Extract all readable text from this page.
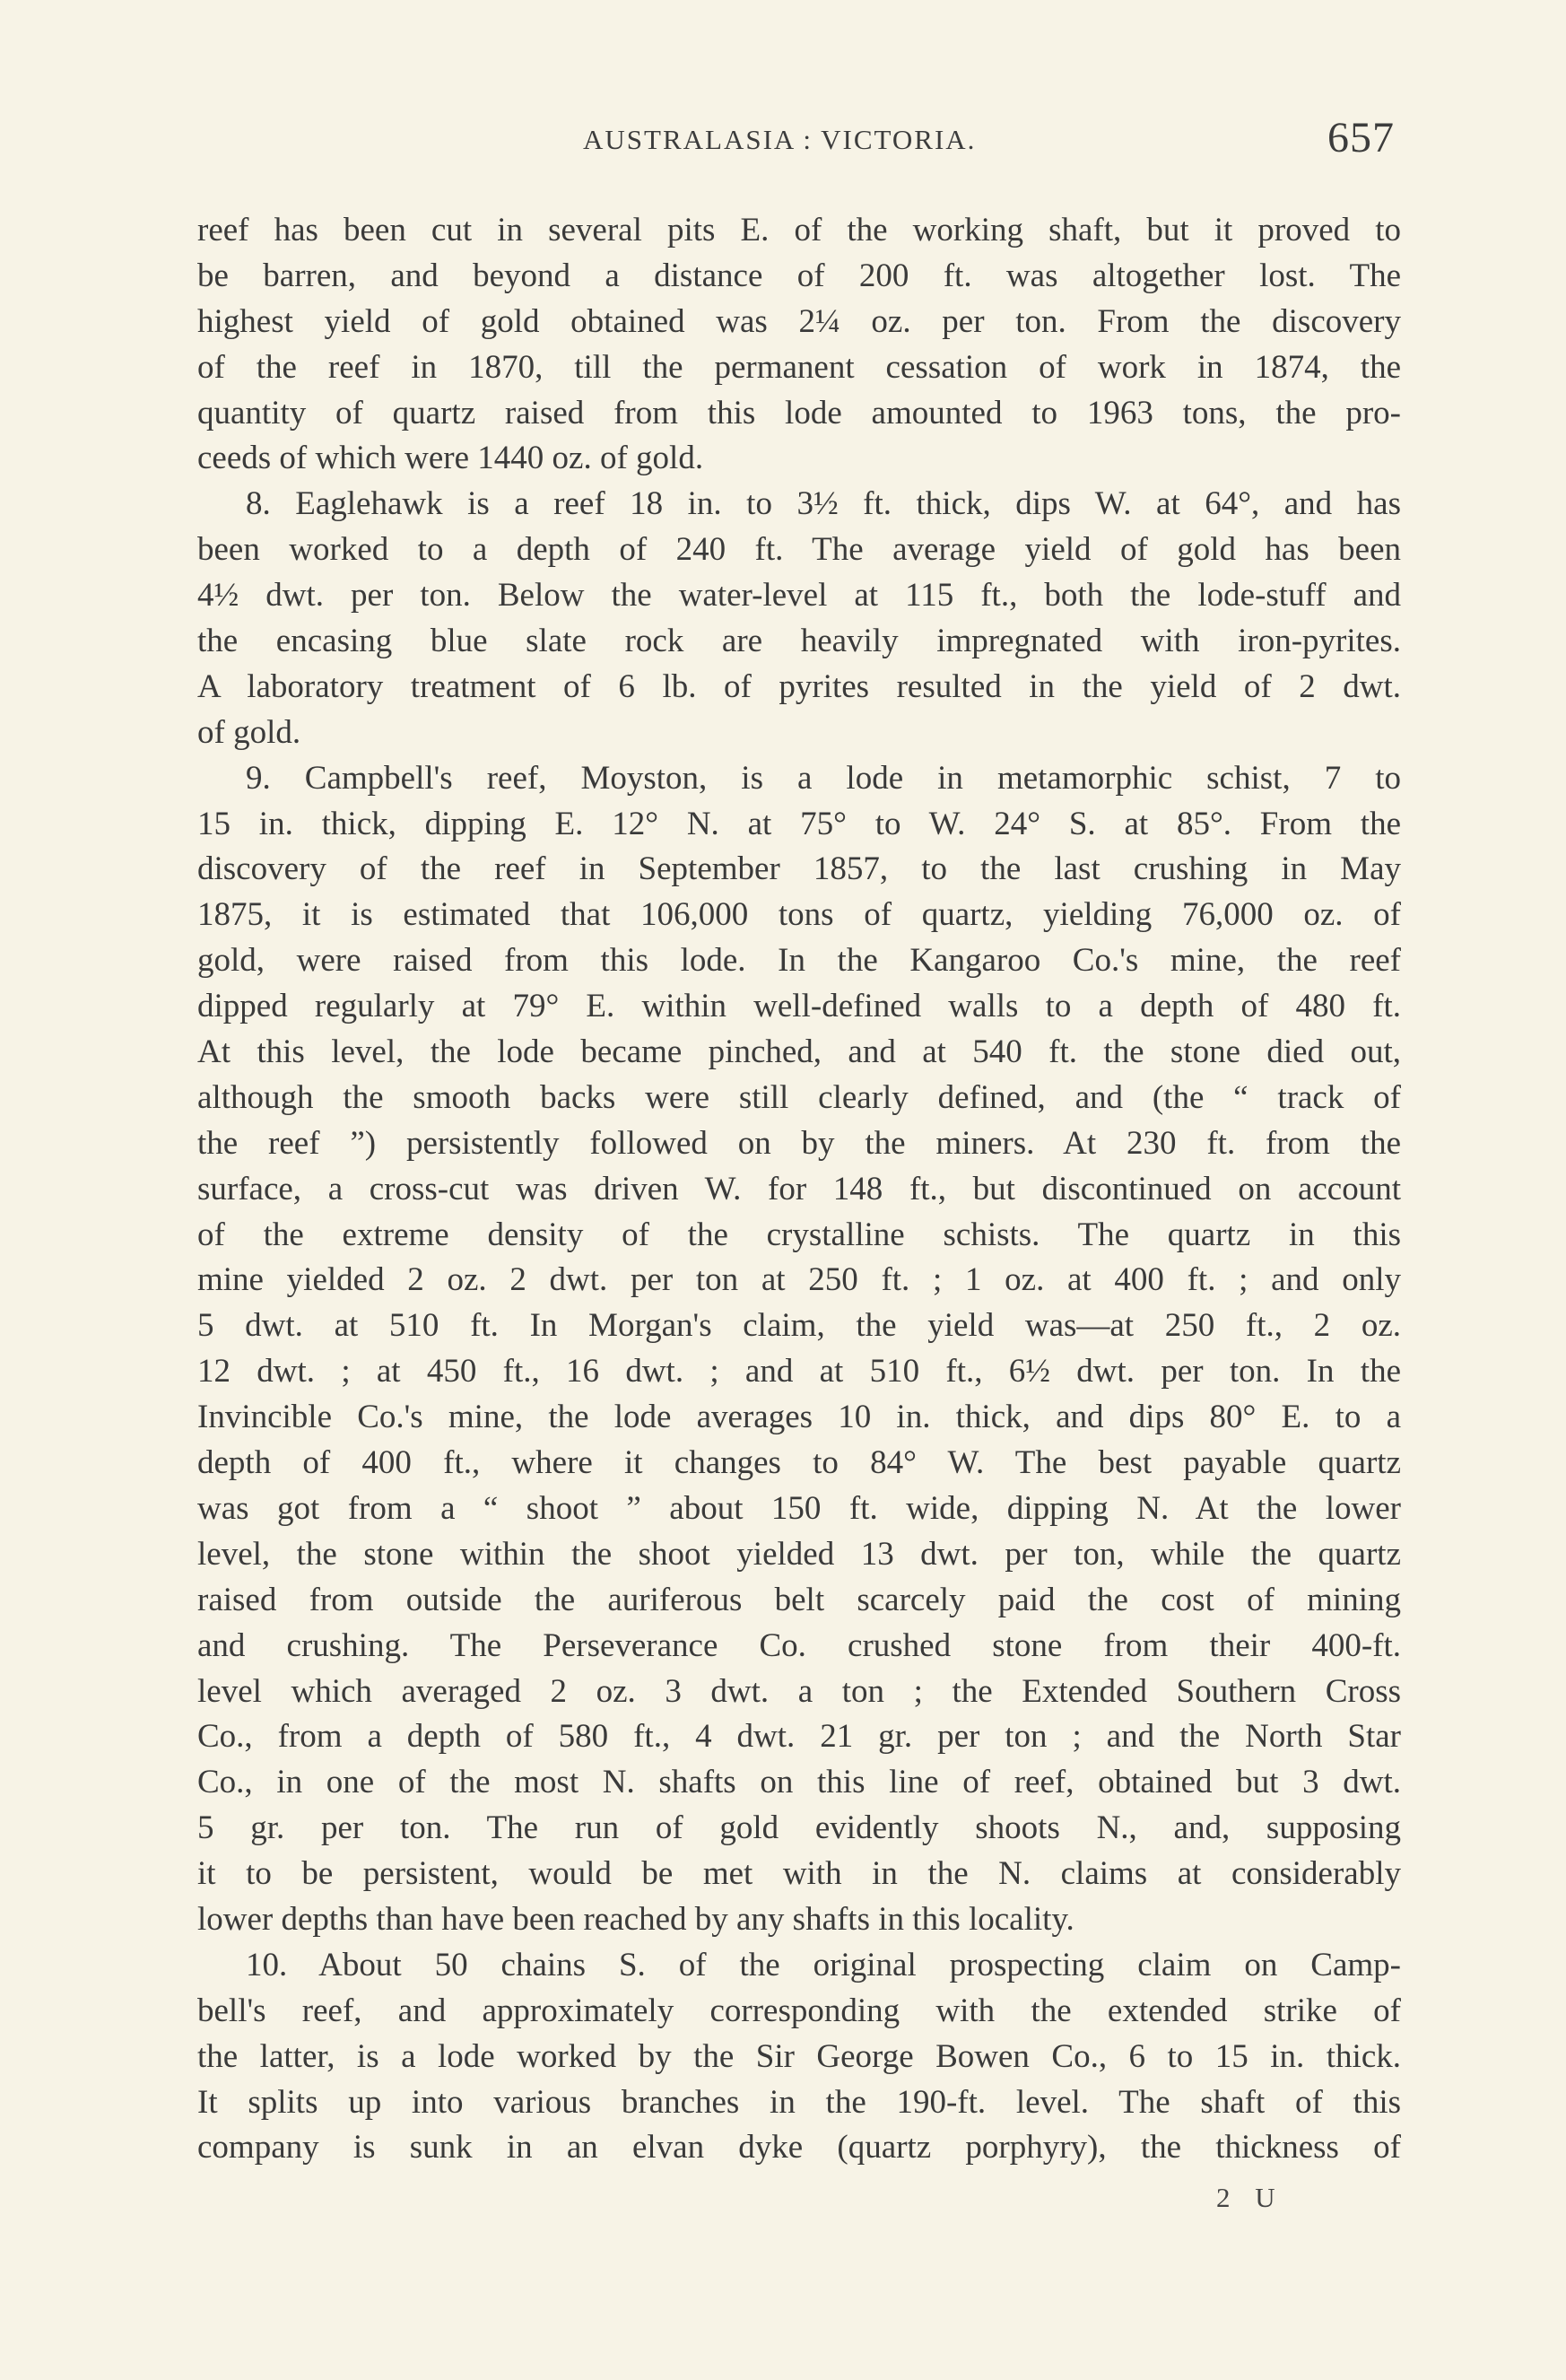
AUSTRALASIA : VICTORIA.	657
reef has been cut in several pits E. of the working shaft, but it proved to
be barren, and beyond a distance of 200 ft. was altogether lost. The
highest yield of gold obtained was 2¼ oz. per ton. From the discovery
of the reef in 1870, till the permanent cessation of work in 1874, the
quantity of quartz raised from this lode amounted to 1963 tons, the pro-
ceeds of which were 1440 oz. of gold.
8. Eaglehawk is a reef 18 in. to 3½ ft. thick, dips W. at 64°, and has
been worked to a depth of 240 ft. The average yield of gold has been
4½ dwt. per ton. Below the water-level at 115 ft., both the lode-stuff and
the encasing blue slate rock are heavily impregnated with iron-pyrites.
A laboratory treatment of 6 lb. of pyrites resulted in the yield of 2 dwt.
of gold.
9. Campbell's reef, Moyston, is a lode in metamorphic schist, 7 to
15 in. thick, dipping E. 12° N. at 75° to W. 24° S. at 85°. From the
discovery of the reef in September 1857, to the last crushing in May
1875, it is estimated that 106,000 tons of quartz, yielding 76,000 oz. of
gold, were raised from this lode. In the Kangaroo Co.'s mine, the reef
dipped regularly at 79° E. within well-defined walls to a depth of 480 ft.
At this level, the lode became pinched, and at 540 ft. the stone died out,
although the smooth backs were still clearly defined, and (the “ track of
the reef ”) persistently followed on by the miners. At 230 ft. from the
surface, a cross-cut was driven W. for 148 ft., but discontinued on account
of the extreme density of the crystalline schists. The quartz in this
mine yielded 2 oz. 2 dwt. per ton at 250 ft. ; 1 oz. at 400 ft. ; and only
5 dwt. at 510 ft. In Morgan's claim, the yield was—at 250 ft., 2 oz.
12 dwt. ; at 450 ft., 16 dwt. ; and at 510 ft., 6½ dwt. per ton. In the
Invincible Co.'s mine, the lode averages 10 in. thick, and dips 80° E. to a
depth of 400 ft., where it changes to 84° W. The best payable quartz
was got from a “ shoot ” about 150 ft. wide, dipping N. At the lower
level, the stone within the shoot yielded 13 dwt. per ton, while the quartz
raised from outside the auriferous belt scarcely paid the cost of mining
and crushing. The Perseverance Co. crushed stone from their 400-ft.
level which averaged 2 oz. 3 dwt. a ton ; the Extended Southern Cross
Co., from a depth of 580 ft., 4 dwt. 21 gr. per ton ; and the North Star
Co., in one of the most N. shafts on this line of reef, obtained but 3 dwt.
5 gr. per ton. The run of gold evidently shoots N., and, supposing
it to be persistent, would be met with in the N. claims at considerably
lower depths than have been reached by any shafts in this locality.
10. About 50 chains S. of the original prospecting claim on Camp-
bell's reef, and approximately corresponding with the extended strike of
the latter, is a lode worked by the Sir George Bowen Co., 6 to 15 in. thick.
It splits up into various branches in the 190-ft. level. The shaft of this
company is sunk in an elvan dyke (quartz porphyry), the thickness of
2 U
